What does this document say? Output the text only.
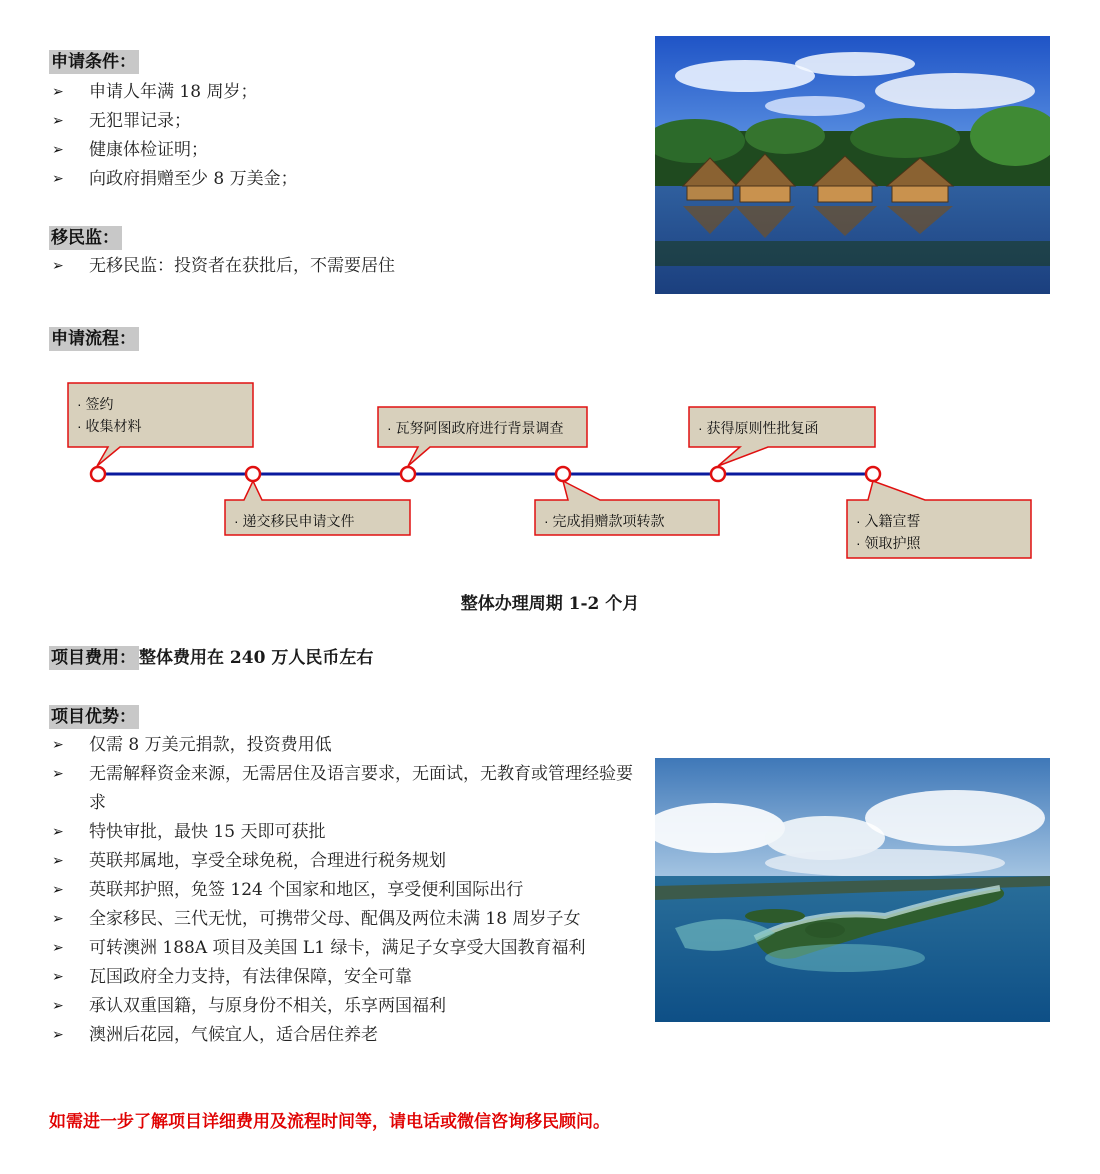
申请条件：
➢ 申请人年满 18 周岁；
➢ 无犯罪记录；
➢ 健康体检证明；
➢ 向政府捐赠至少 8 万美金；
移民监：
➢ 无移民监：投资者在获批后，不需要居住
申请流程：
· 签约
· 收集材料	· 瓦努阿图政府进行背景调查	· 获得原则性批复函
· 递交移民申请文件	· 完成捐赠款项转款	· 入籍宣誓
· 领取护照
整体办理周期 1-2 个月
项目费用： 整体费用在 240 万人民币左右
项目优势：
➢ 仅需 8 万美元捐款，投资费用低
➢ 无需解释资金来源，无需居住及语言要求，无面试，无教育或管理经验要求
➢ 特快审批，最快 15 天即可获批
➢ 英联邦属地，享受全球免税，合理进行税务规划
➢ 英联邦护照，免签 124 个国家和地区，享受便利国际出行
➢ 全家移民、三代无忧，可携带父母、配偶及两位未满 18 周岁子女
➢ 可转澳洲 188A 项目及美国 L1 绿卡，满足子女享受大国教育福利
➢ 瓦国政府全力支持，有法律保障，安全可靠
➢ 承认双重国籍，与原身份不相关，乐享两国福利
➢ 澳洲后花园，气候宜人，适合居住养老
如需进一步了解项目详细费用及流程时间等，请电话或微信咨询移民顾问。
